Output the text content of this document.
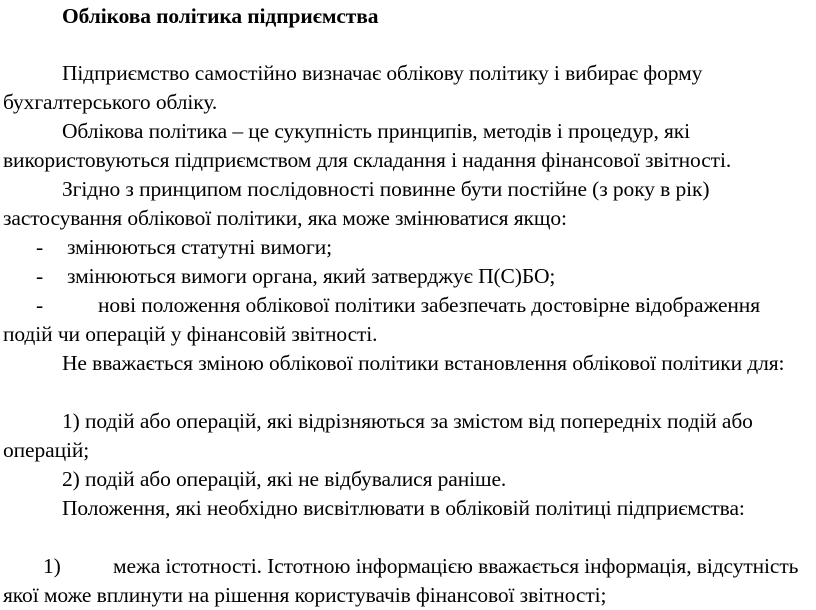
Облікова політика підприємства

Підприємство самостійно визначає облікову політику і вибирає форму бухгалтерського обліку.

Облікова політика – це сукупність принципів, методів і процедур, які використовуються підприємством для складання і надання фінансової звітності.

Згідно з принципом послідовності повинне бути постійне (з року в рік) застосування облікової політики, яка може змінюватися якщо:

- змінюються статутні вимоги;

- змінюються вимоги органа, який затверджує П(С)БО;

-	нові положення облікової політики забезпечать достовірне відображення подій чи операцій у фінансовій звітності.

Не вважається зміною облікової політики встановлення облікової політики для:

1) подій або операцій, які відрізняються за змістом від попередніх подій або операцій;

2) подій або операцій, які не відбувалися раніше.

Положення, які необхідно висвітлювати в обліковій політиці підприємства:

1) межа істотності. Істотною інформацією вважається інформація, відсутність якої може вплинути на рішення користувачів фінансової звітності;
